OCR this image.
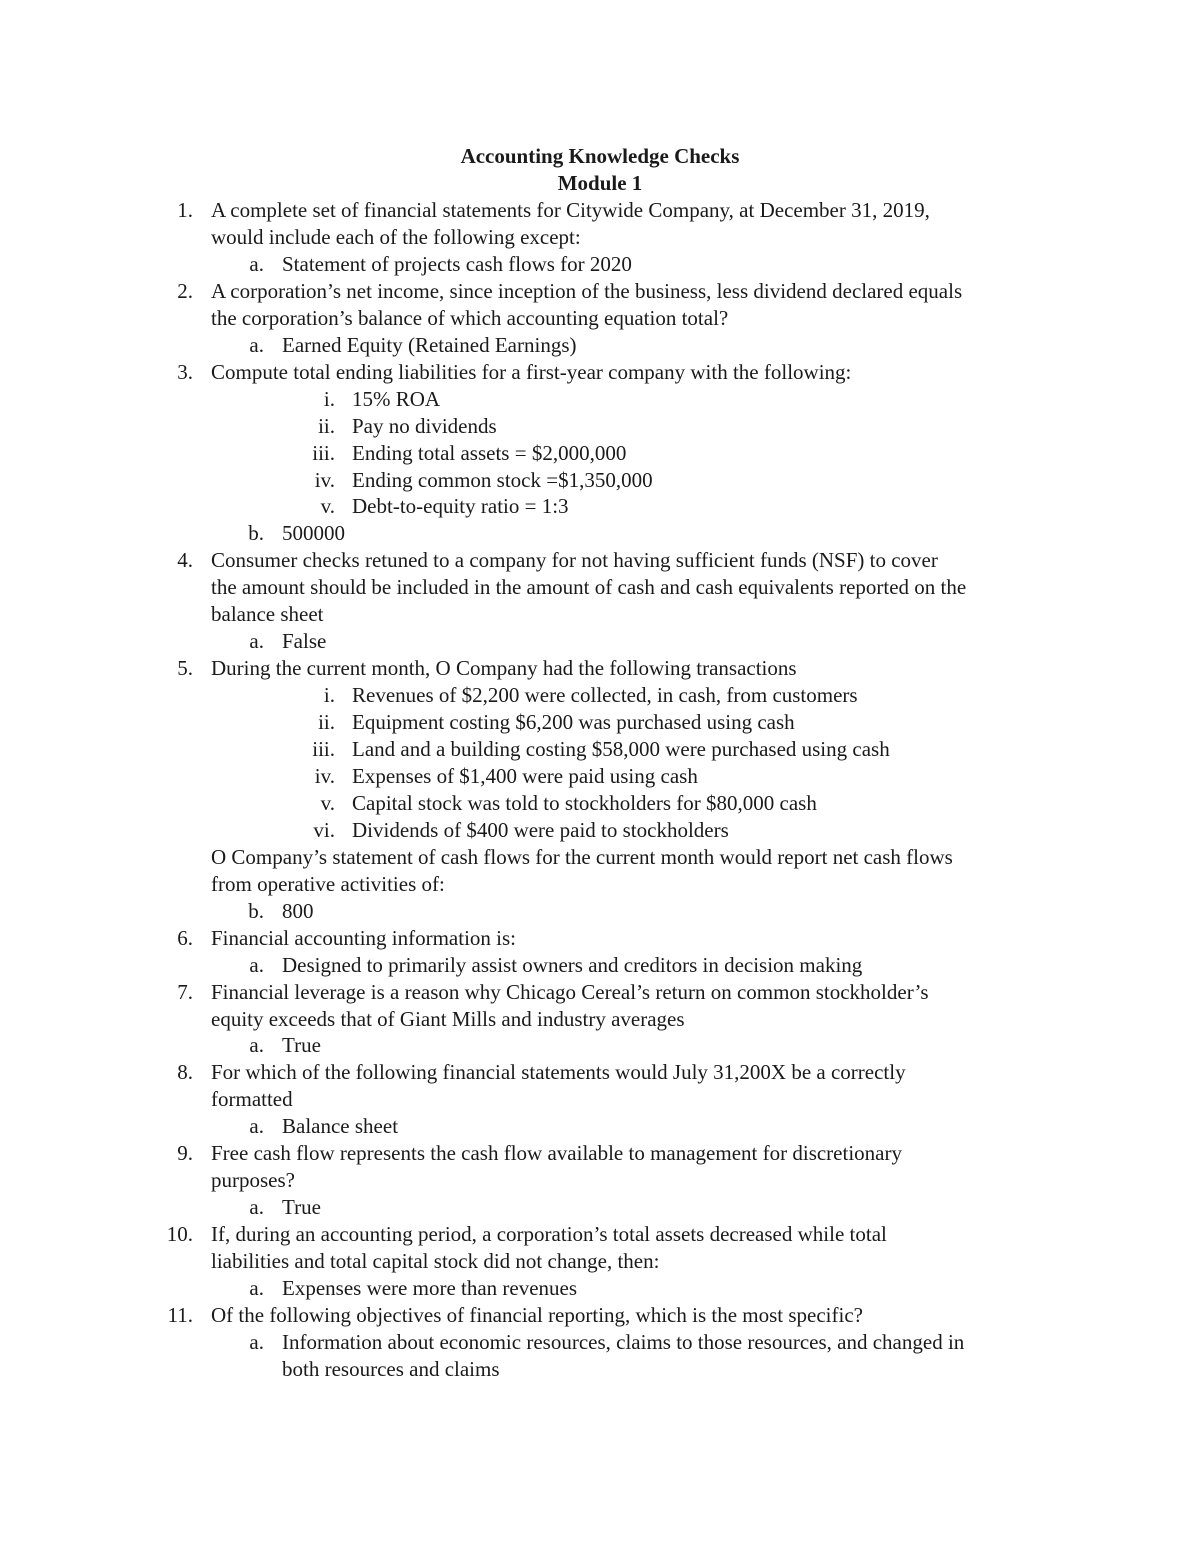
Accounting Knowledge Checks
Module 1
1. A complete set of financial statements for Citywide Company, at December 31, 2019,
would include each of the following except:
a. Statement of projects cash flows for 2020
2. A corporation’s net income, since inception of the business, less dividend declared equals
the corporation’s balance of which accounting equation total?
a. Earned Equity (Retained Earnings)
3. Compute total ending liabilities for a first-year company with the following:
i. 15% ROA
ii. Pay no dividends
iii. Ending total assets = $2,000,000
iv. Ending common stock =$1,350,000
v. Debt-to-equity ratio = 1:3
b. 500000
4. Consumer checks retuned to a company for not having sufficient funds (NSF) to cover
the amount should be included in the amount of cash and cash equivalents reported on the
balance sheet
a. False
5. During the current month, O Company had the following transactions
i. Revenues of $2,200 were collected, in cash, from customers
ii. Equipment costing $6,200 was purchased using cash
iii. Land and a building costing $58,000 were purchased using cash
iv. Expenses of $1,400 were paid using cash
v. Capital stock was told to stockholders for $80,000 cash
vi. Dividends of $400 were paid to stockholders
O Company’s statement of cash flows for the current month would report net cash flows
from operative activities of:
b. 800
6. Financial accounting information is:
a. Designed to primarily assist owners and creditors in decision making
7. Financial leverage is a reason why Chicago Cereal’s return on common stockholder’s
equity exceeds that of Giant Mills and industry averages
a. True
8. For which of the following financial statements would July 31,200X be a correctly
formatted
a. Balance sheet
9. Free cash flow represents the cash flow available to management for discretionary
purposes?
a. True
10. If, during an accounting period, a corporation’s total assets decreased while total
liabilities and total capital stock did not change, then:
a. Expenses were more than revenues
11. Of the following objectives of financial reporting, which is the most specific?
a. Information about economic resources, claims to those resources, and changed in
both resources and claims
